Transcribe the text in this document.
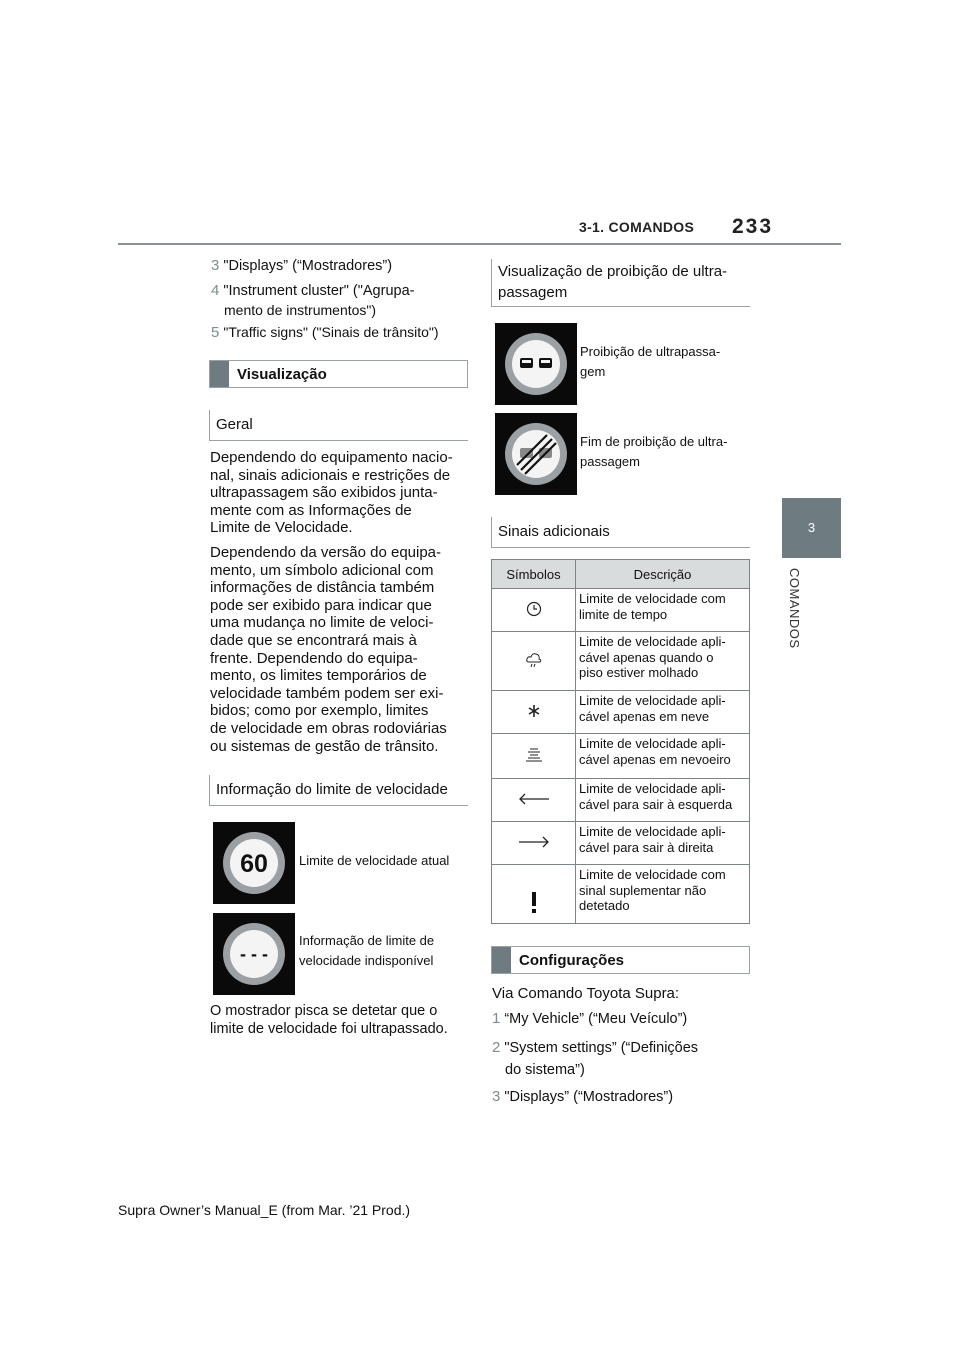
3-1. COMANDOS 233
3
COMANDOS
3 "Displays” (“Mostradores”)
4 "Instrument cluster" ("Agrupa-
mento de instrumentos")
5 "Traffic signs" ("Sinais de trânsito")
Visualização
Geral
Dependendo do equipamento nacio-
nal, sinais adicionais e restrições de
ultrapassagem são exibidos junta-
mente com as Informações de
Limite de Velocidade.
Dependendo da versão do equipa-
mento, um símbolo adicional com
informações de distância também
pode ser exibido para indicar que
uma mudança no limite de veloci-
dade que se encontrará mais à
frente. Dependendo do equipa-
mento, os limites temporários de
velocidade também podem ser exi-
bidos; como por exemplo, limites
de velocidade em obras rodoviárias
ou sistemas de gestão de trânsito.
Informação do limite de velocidade
60 Limite de velocidade atual
- - -
Informação de limite de
velocidade indisponível
O mostrador pisca se detetar que o
limite de velocidade foi ultrapassado.
Visualização de proibição de ultra-
passagem
Proibição de ultrapassa-
gem
Fim de proibição de ultra-
passagem
Sinais adicionais
Símbolos	Descrição

Limite de velocidade com
limite de tempo

Limite de velocidade apli-
cável apenas quando o
piso estiver molhado

Limite de velocidade apli-
cável apenas em neve

Limite de velocidade apli-
cável apenas em nevoeiro

Limite de velocidade apli-
cável para sair à esquerda

Limite de velocidade apli-
cável para sair à direita

Limite de velocidade com
sinal suplementar não
detetado
Configurações
Via Comando Toyota Supra:
1 “My Vehicle” (“Meu Veículo”)
2 "System settings” (“Definições
do sistema”)
3 "Displays” (“Mostradores”)
Supra Owner’s Manual_E (from Mar. ’21 Prod.)
